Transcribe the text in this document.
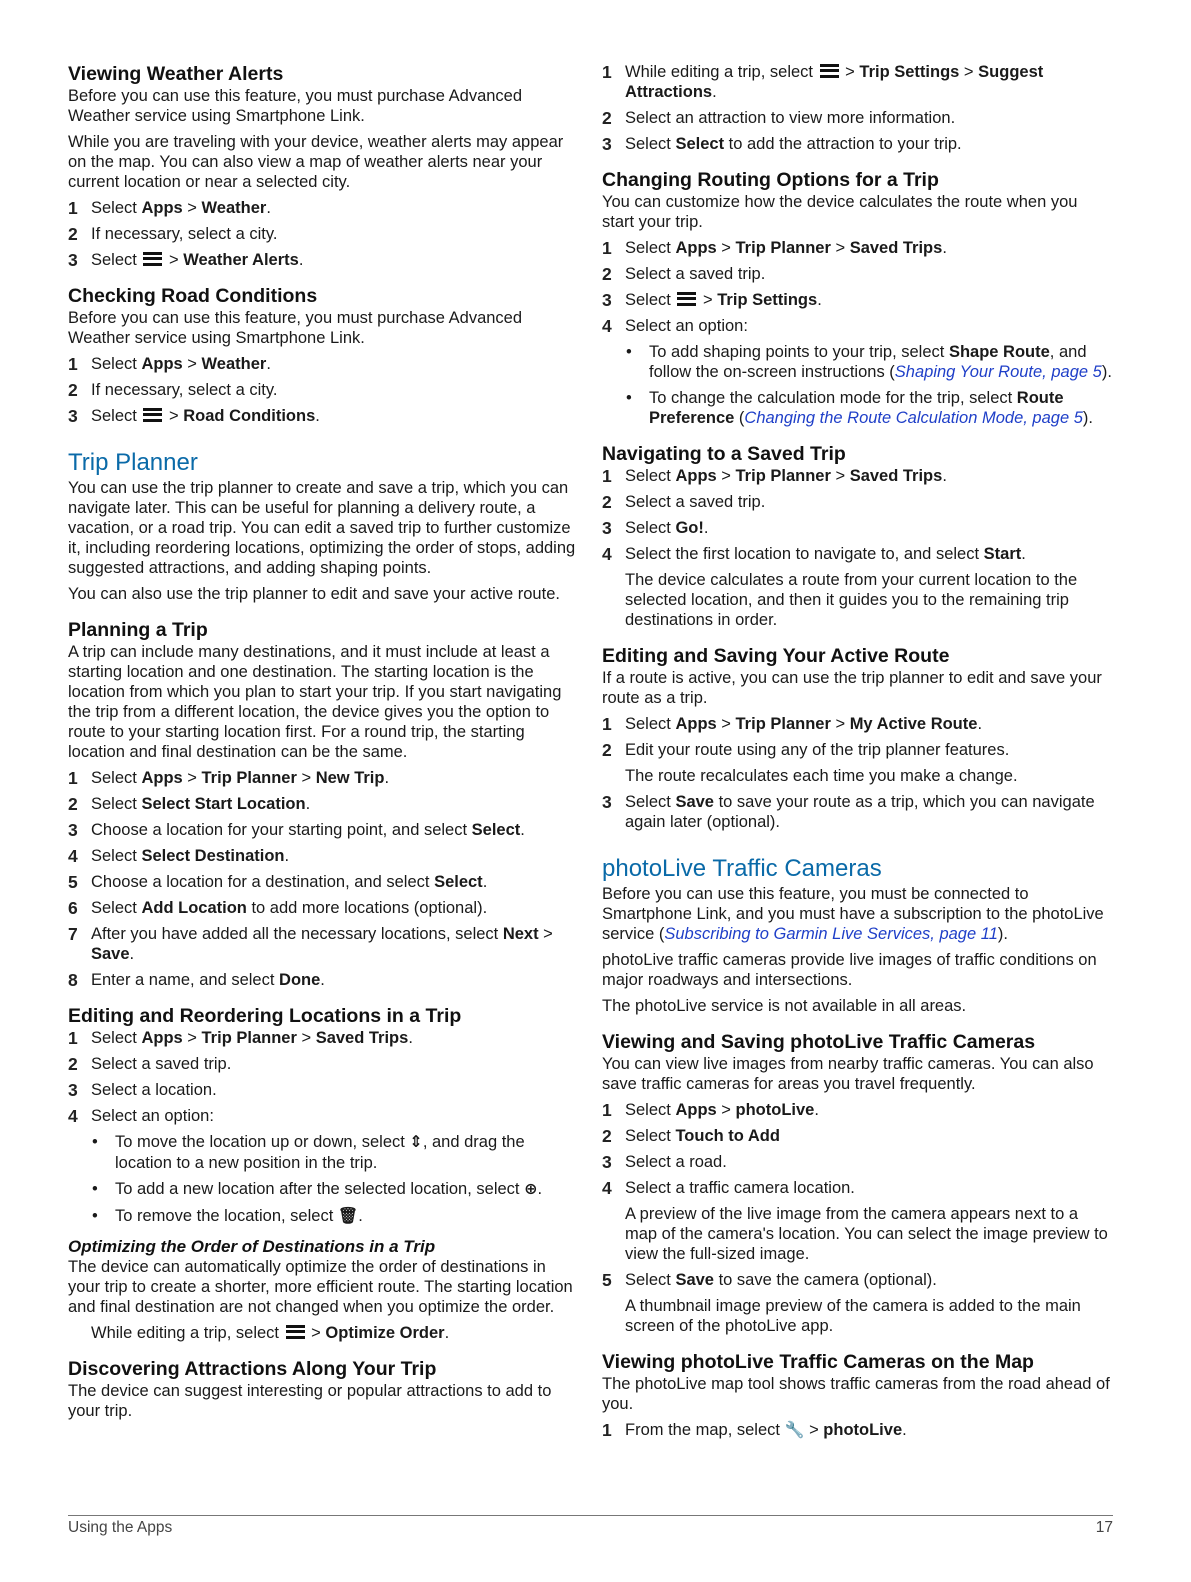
Viewing Weather Alerts

Before you can use this feature, you must purchase Advanced Weather service using Smartphone Link.

While you are traveling with your device, weather alerts may appear on the map. You can also view a map of weather alerts near your current location or near a selected city.

1 Select Apps > Weather.
2 If necessary, select a city.
3 Select
> Weather Alerts.
Checking Road Conditions

Before you can use this feature, you must purchase Advanced Weather service using Smartphone Link.

1 Select Apps > Weather.
2 If necessary, select a city.
3 Select
> Road Conditions.
Trip Planner

You can use the trip planner to create and save a trip, which you can navigate later. This can be useful for planning a delivery route, a vacation, or a road trip. You can edit a saved trip to further customize it, including reordering locations, optimizing the order of stops, adding suggested attractions, and adding shaping points.

You can also use the trip planner to edit and save your active route.

Planning a Trip

A trip can include many destinations, and it must include at least a starting location and one destination. The starting location is the location from which you plan to start your trip. If you start navigating the trip from a different location, the device gives you the option to route to your starting location first. For a round trip, the starting location and final destination can be the same.

1 Select Apps > Trip Planner > New Trip.
2 Select Select Start Location.
3 Choose a location for your starting point, and select Select.
4 Select Select Destination.
5 Choose a location for a destination, and select Select.
6 Select Add Location to add more locations (optional).
7 After you have added all the necessary locations, select Next > Save.
8 Enter a name, and select Done.
Editing and Reordering Locations in a Trip
1 Select Apps > Trip Planner > Saved Trips.
2 Select a saved trip.
3 Select a location.
4 Select an option:
• To move the location up or down, select ⇕, and drag the location to a new position in the trip.
• To add a new location after the selected location, select ⊕.
• To remove the location, select 🗑.
Optimizing the Order of Destinations in a Trip

The device can automatically optimize the order of destinations in your trip to create a shorter, more efficient route. The starting location and final destination are not changed when you optimize the order.

While editing a trip, select
> Optimize Order.
Discovering Attractions Along Your Trip

The device can suggest interesting or popular attractions to add to your trip.

1 While editing a trip, select
> Trip Settings > Suggest Attractions.
2 Select an attraction to view more information.
3 Select Select to add the attraction to your trip.
Changing Routing Options for a Trip

You can customize how the device calculates the route when you start your trip.

1 Select Apps > Trip Planner > Saved Trips.
2 Select a saved trip.
3 Select
> Trip Settings.
4 Select an option:
• To add shaping points to your trip, select Shape Route, and follow the on-screen instructions (Shaping Your Route, page 5).
• To change the calculation mode for the trip, select Route Preference (Changing the Route Calculation Mode, page 5).
Navigating to a Saved Trip
1 Select Apps > Trip Planner > Saved Trips.
2 Select a saved trip.
3 Select Go!.
4 Select the first location to navigate to, and select Start.
The device calculates a route from your current location to the selected location, and then it guides you to the remaining trip destinations in order.
Editing and Saving Your Active Route

If a route is active, you can use the trip planner to edit and save your route as a trip.

1 Select Apps > Trip Planner > My Active Route.
2 Edit your route using any of the trip planner features.
The route recalculates each time you make a change.
3 Select Save to save your route as a trip, which you can navigate again later (optional).
photoLive Traffic Cameras

Before you can use this feature, you must be connected to Smartphone Link, and you must have a subscription to the photoLive service (Subscribing to Garmin Live Services, page 11).

photoLive traffic cameras provide live images of traffic conditions on major roadways and intersections.

The photoLive service is not available in all areas.

Viewing and Saving photoLive Traffic Cameras

You can view live images from nearby traffic cameras. You can also save traffic cameras for areas you travel frequently.

1 Select Apps > photoLive.
2 Select Touch to Add
3 Select a road.
4 Select a traffic camera location.
A preview of the live image from the camera appears next to a map of the camera's location. You can select the image preview to view the full-sized image.
5 Select Save to save the camera (optional).
A thumbnail image preview of the camera is added to the main screen of the photoLive app.
Viewing photoLive Traffic Cameras on the Map

The photoLive map tool shows traffic cameras from the road ahead of you.

1 From the map, select 🔧 > photoLive.
Using the Apps	17
